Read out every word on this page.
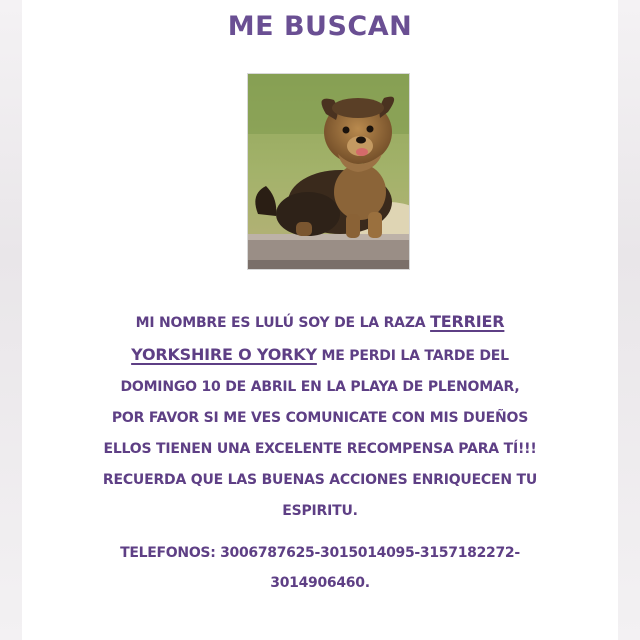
ME BUSCAN
MI NOMBRE ES LULÚ SOY DE LA RAZA TERRIER
YORKSHIRE O YORKY ME PERDI LA TARDE DEL DOMINGO 10 DE ABRIL EN LA PLAYA DE PLENOMAR, POR FAVOR SI ME VES COMUNICATE CON MIS DUEÑOS ELLOS TIENEN UNA EXCELENTE RECOMPENSA PARA TÍ!!! RECUERDA QUE LAS BUENAS ACCIONES ENRIQUECEN TU ESPIRITU.
TELEFONOS: 3006787625-3015014095-3157182272-3014906460.
